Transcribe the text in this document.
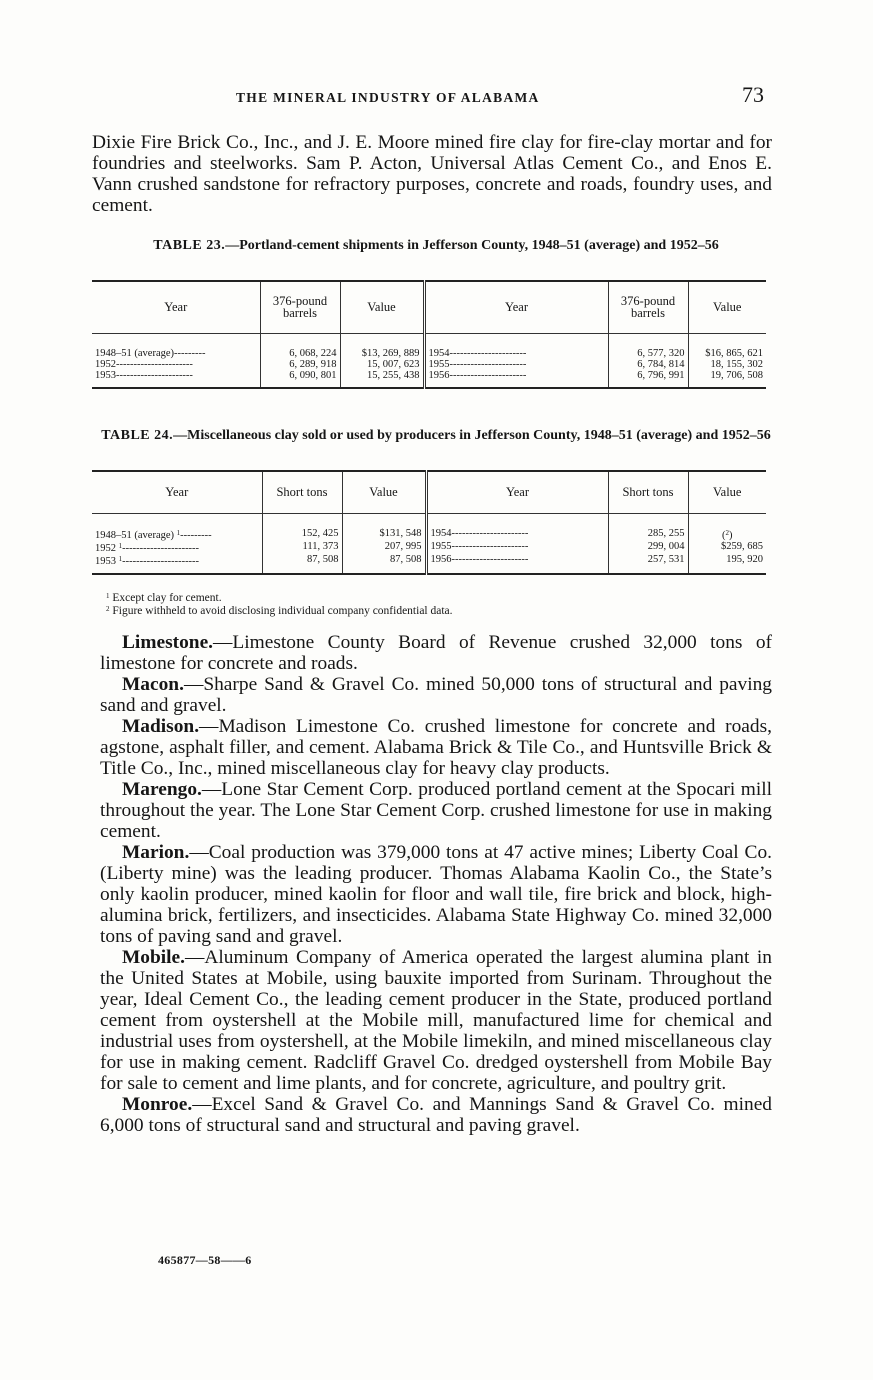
THE MINERAL INDUSTRY OF ALABAMA	73

Dixie Fire Brick Co., Inc., and J. E. Moore mined fire clay for fire-clay mortar and for foundries and steelworks. Sam P. Acton, Universal Atlas Cement Co., and Enos E. Vann crushed sandstone for refractory purposes, concrete and roads, foundry uses, and cement.

TABLE 23.—Portland-cement shipments in Jefferson County, 1948–51 (average) and 1952–56
Year	376-pound barrels	Value	Year	376-pound barrels	Value

1948–51 (average)---------	6, 068, 224	$13, 269, 889	1954----------------------	6, 577, 320	$16, 865, 621
1952----------------------	6, 289, 918	15, 007, 623	1955----------------------	6, 784, 814	18, 155, 302
1953----------------------	6, 090, 801	15, 255, 438	1956----------------------	6, 796, 991	19, 706, 508

TABLE 24.—Miscellaneous clay sold or used by producers in Jefferson County, 1948–51 (average) and 1952–56
Year	Short tons	Value	Year	Short tons	Value

1948–51 (average) $^1$---------	152, 425	$131, 548	1954----------------------	285, 255	($^2$)
1952 $^1$----------------------	111, 373	207, 995	1955----------------------	299, 004	$259, 685
1953 $^1$----------------------	87, 508	87, 508	1956----------------------	257, 531	195, 920

$^1$ Except clay for cement.
$^2$ Figure withheld to avoid disclosing individual company confidential data.

Limestone.—Limestone County Board of Revenue crushed 32,000 tons of limestone for concrete and roads.

Macon.—Sharpe Sand & Gravel Co. mined 50,000 tons of structural and paving sand and gravel.

Madison.—Madison Limestone Co. crushed limestone for concrete and roads, agstone, asphalt filler, and cement. Alabama Brick & Tile Co., and Huntsville Brick & Title Co., Inc., mined miscellaneous clay for heavy clay products.

Marengo.—Lone Star Cement Corp. produced portland cement at the Spocari mill throughout the year. The Lone Star Cement Corp. crushed limestone for use in making cement.

Marion.—Coal production was 379,000 tons at 47 active mines; Liberty Coal Co. (Liberty mine) was the leading producer. Thomas Alabama Kaolin Co., the State’s only kaolin producer, mined kaolin for floor and wall tile, fire brick and block, high-alumina brick, fertilizers, and insecticides. Alabama State Highway Co. mined 32,000 tons of paving sand and gravel.

Mobile.—Aluminum Company of America operated the largest alumina plant in the United States at Mobile, using bauxite imported from Surinam. Throughout the year, Ideal Cement Co., the leading cement producer in the State, produced portland cement from oystershell at the Mobile mill, manufactured lime for chemical and industrial uses from oystershell, at the Mobile limekiln, and mined miscellaneous clay for use in making cement. Radcliff Gravel Co. dredged oystershell from Mobile Bay for sale to cement and lime plants, and for concrete, agriculture, and poultry grit.

Monroe.—Excel Sand & Gravel Co. and Mannings Sand & Gravel Co. mined 6,000 tons of structural sand and structural and paving gravel.

465877—58——6
